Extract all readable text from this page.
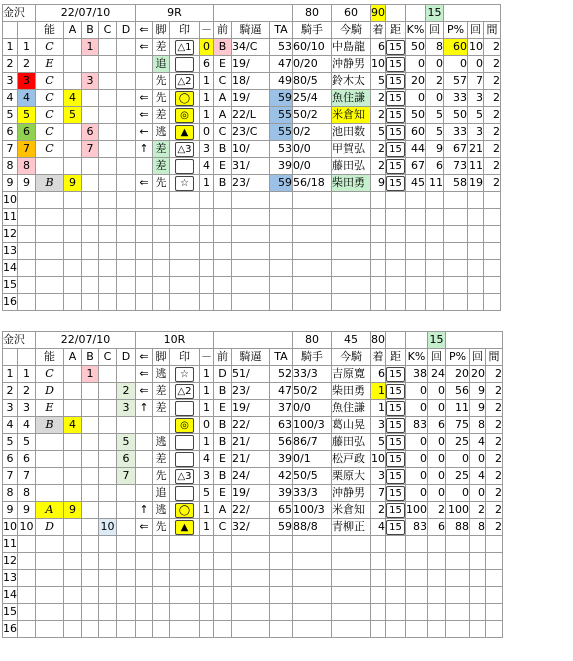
金沢		22/07/10					9R							80	60	90			15			
		能	A	B	C	D	⇐	脚	印	－	前	騎逼	TA	騎手	今騎	着	距	K%	回	P%	回	間
1	1	C		1			⇐	差	△1	0	B	34/C	53	60/10	中島龍	6	15	50	8	60	10	2
2	2	E						追		6	E	19/	47	0/20	沖静男	10	15	0	0	0	0	2
3	3	C		3				先	△2	1	C	18/	49	80/5	鈴木太	5	15	20	2	57	7	2
4	4	C	4				⇐	先	◯	1	A	19/	59	25/4	魚住謙	2	15	0	0	33	3	2
5	5	C	5				⇐	差	◎	1	A	22/L	55	50/2	米倉知	2	15	50	5	50	5	2
6	6	C		6			←	逃	▲	0	C	23/C	55	0/2	池田数	5	15	60	5	33	3	2
7	7	C		7			↑	差	△3	3	B	10/	53	0/0	甲賀弘	2	15	44	9	67	21	2
8	8							差		4	E	31/	39	0/0	藤田弘	2	15	67	6	73	11	2
9	9	B	9				⇐	先	☆	1	B	23/	59	56/18	柴田勇	9	15	45	11	58	19	2
10																						
11																						
12																						
13																						
14																						
15																						
16																						
金沢		22/07/10					10R							80	45	80			15			
		能	A	B	C	D	⇐	脚	印	－	前	騎逼	TA	騎手	今騎	着	距	K%	回	P%	回	間
1	1	C		1			⇐	逃	☆	1	D	51/	52	33/3	吉原寛	6	15	38	24	20	20	2
2	2	D				2	⇐	差	△2	1	B	23/	47	50/2	柴田勇	1	15	0	0	56	9	2
3	3	E				3	↑	差		1	E	19/	37	0/0	魚住謙	1	15	0	0	11	9	2
4	4	B	4						◎	0	B	22/	63	100/3	葛山晃	3	15	83	6	75	8	2
5	5					5		逃		1	B	21/	56	86/7	藤田弘	5	15	0	0	25	4	2
6	6					6		差		4	E	21/	39	0/1	松戸政	10	15	0	0	0	0	2
7	7					7		先	△3	3	B	24/	42	50/5	栗原大	3	15	0	0	25	4	2
8	8							追		5	E	19/	39	33/3	沖静男	7	15	0	0	0	0	2
9	9	A	9				↑	逃	◯	1	A	22/	65	100/3	米倉知	2	15	100	2	100	2	2
10	10	D			10		⇐	先	▲	1	C	32/	59	88/8	青柳正	4	15	83	6	88	8	2
11																						
12																						
13																						
14																						
15																						
16																						
